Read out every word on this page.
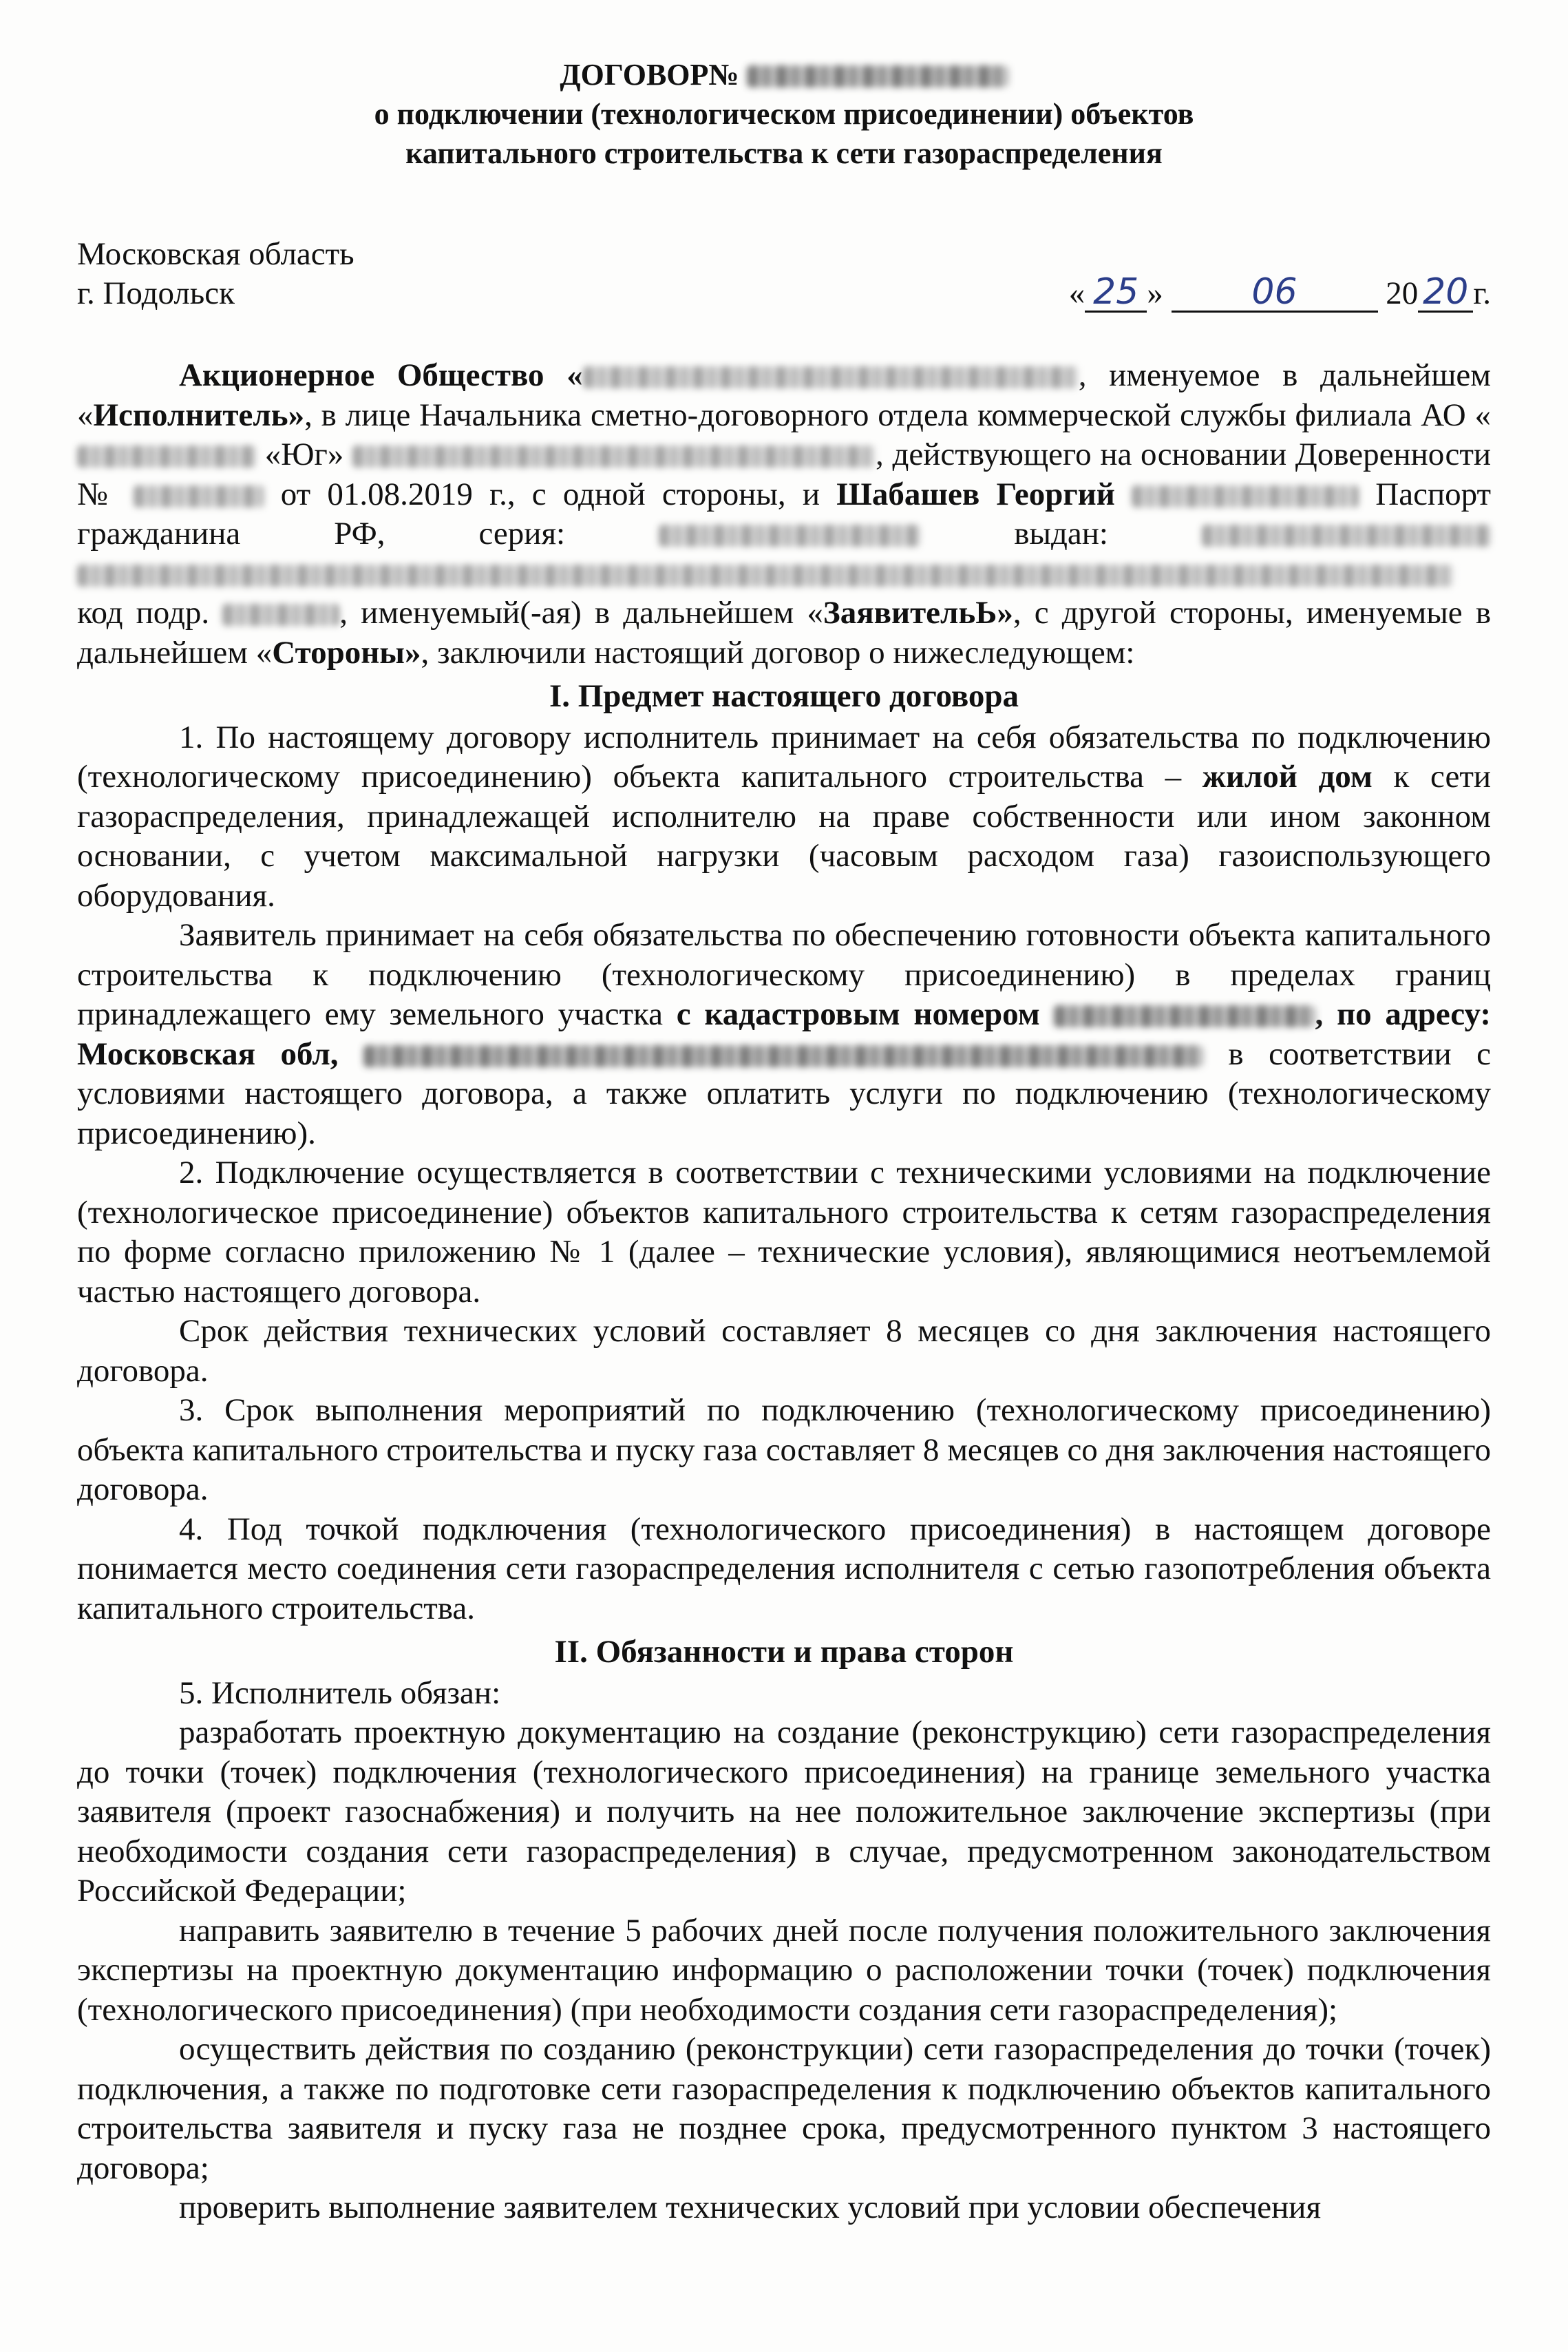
ДОГОВОР№

о подключении (технологическом присоединении) объектов

капитального строительства к сети газораспределения

Московская область
г. Подольск	« 25 » 06	20 20 г.

Акционерное Общество «	, именуемое в дальнейшем «Исполнитель», в лице Начальника сметно-договорного отдела коммерческой службы филиала АО « «Юг»	, действующего на основании Доверенности №	от 01.08.2019 г., с одной стороны, и Шабашев Георгий	Паспорт гражданина РФ, серия:	выдан:   код подр.	, именуемый(-ая) в дальнейшем «ЗаявительЬ», с другой стороны, именуемые в дальнейшем «Стороны», заключили настоящий договор о нижеследующем:

I. Предмет настоящего договора

1. По настоящему договору исполнитель принимает на себя обязательства по подключению (технологическому присоединению) объекта капитального строительства – жилой дом к сети газораспределения, принадлежащей исполнителю на праве собственности или ином законном основании, с учетом максимальной нагрузки (часовым расходом газа) газоиспользующего оборудования.

Заявитель принимает на себя обязательства по обеспечению готовности объекта капитального строительства к подключению (технологическому присоединению) в пределах границ принадлежащего ему земельного участка с кадастровым номером	, по адресу: Московская обл,	в соответствии с условиями настоящего договора, а также оплатить услуги по подключению (технологическому присоединению).

2. Подключение осуществляется в соответствии с техническими условиями на подключение (технологическое присоединение) объектов капитального строительства к сетям газораспределения по форме согласно приложению № 1 (далее – технические условия), являющимися неотъемлемой частью настоящего договора.

Срок действия технических условий составляет 8 месяцев со дня заключения настоящего договора.

3. Срок выполнения мероприятий по подключению (технологическому присоединению) объекта капитального строительства и пуску газа составляет 8 месяцев со дня заключения настоящего договора.

4. Под точкой подключения (технологического присоединения) в настоящем договоре понимается место соединения сети газораспределения исполнителя с сетью газопотребления объекта капитального строительства.

II. Обязанности и права сторон

5. Исполнитель обязан:

разработать проектную документацию на создание (реконструкцию) сети газораспределения до точки (точек) подключения (технологического присоединения) на границе земельного участка заявителя (проект газоснабжения) и получить на нее положительное заключение экспертизы (при необходимости создания сети газораспределения) в случае, предусмотренном законодательством Российской Федерации;

направить заявителю в течение 5 рабочих дней после получения положительного заключения экспертизы на проектную документацию информацию о расположении точки (точек) подключения (технологического присоединения) (при необходимости создания сети газораспределения);

осуществить действия по созданию (реконструкции) сети газораспределения до точки (точек) подключения, а также по подготовке сети газораспределения к подключению объектов капитального строительства заявителя и пуску газа не позднее срока, предусмотренного пунктом 3 настоящего договора;

проверить выполнение заявителем технических условий при условии обеспечения
